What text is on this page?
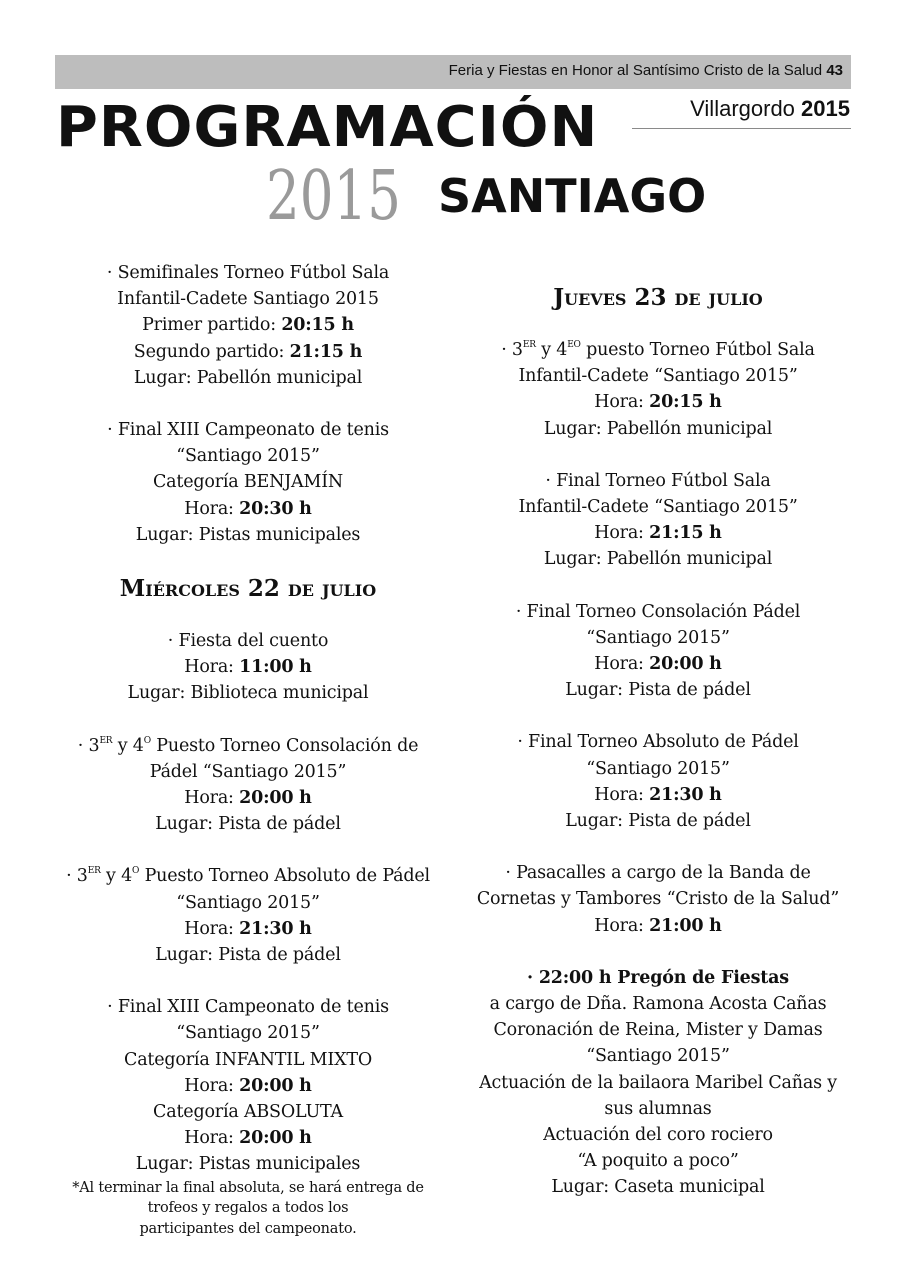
Feria y Fiestas en Honor al Santísimo Cristo de la Salud 43
Villargordo 2015
PROGRAMACIÓN
2015 SANTIAGO
· Semifinales Torneo Fútbol Sala
Infantil-Cadete Santiago 2015
Primer partido: 20:15 h
Segundo partido: 21:15 h
Lugar: Pabellón municipal
· Final XIII Campeonato de tenis
“Santiago 2015”
Categoría BENJAMÍN
Hora: 20:30 h
Lugar: Pistas municipales
Miércoles 22 de julio
· Fiesta del cuento
Hora: 11:00 h
Lugar: Biblioteca municipal
· 3ER y $4^O$ Puesto Torneo Consolación de
Pádel “Santiago 2015”
Hora: 20:00 h
Lugar: Pista de pádel
· 3ER y $4^O$ Puesto Torneo Absoluto de Pádel
“Santiago 2015”
Hora: 21:30 h
Lugar: Pista de pádel
· Final XIII Campeonato de tenis
“Santiago 2015”
Categoría INFANTIL MIXTO
Hora: 20:00 h
Categoría ABSOLUTA
Hora: 20:00 h
Lugar: Pistas municipales
*Al terminar la final absoluta, se hará entrega de
trofeos y regalos a todos los
participantes del campeonato.
Jueves 23 de julio
· 3ER y $4^{EO}$ puesto Torneo Fútbol Sala
Infantil-Cadete “Santiago 2015”
Hora: 20:15 h
Lugar: Pabellón municipal
· Final Torneo Fútbol Sala
Infantil-Cadete “Santiago 2015”
Hora: 21:15 h
Lugar: Pabellón municipal
· Final Torneo Consolación Pádel
“Santiago 2015”
Hora: 20:00 h
Lugar: Pista de pádel
· Final Torneo Absoluto de Pádel
“Santiago 2015”
Hora: 21:30 h
Lugar: Pista de pádel
· Pasacalles a cargo de la Banda de
Cornetas y Tambores “Cristo de la Salud”
Hora: 21:00 h
· 22:00 h Pregón de Fiestas
a cargo de Dña. Ramona Acosta Cañas
Coronación de Reina, Mister y Damas
“Santiago 2015”
Actuación de la bailaora Maribel Cañas y
sus alumnas
Actuación del coro rociero
“A poquito a poco”
Lugar: Caseta municipal
